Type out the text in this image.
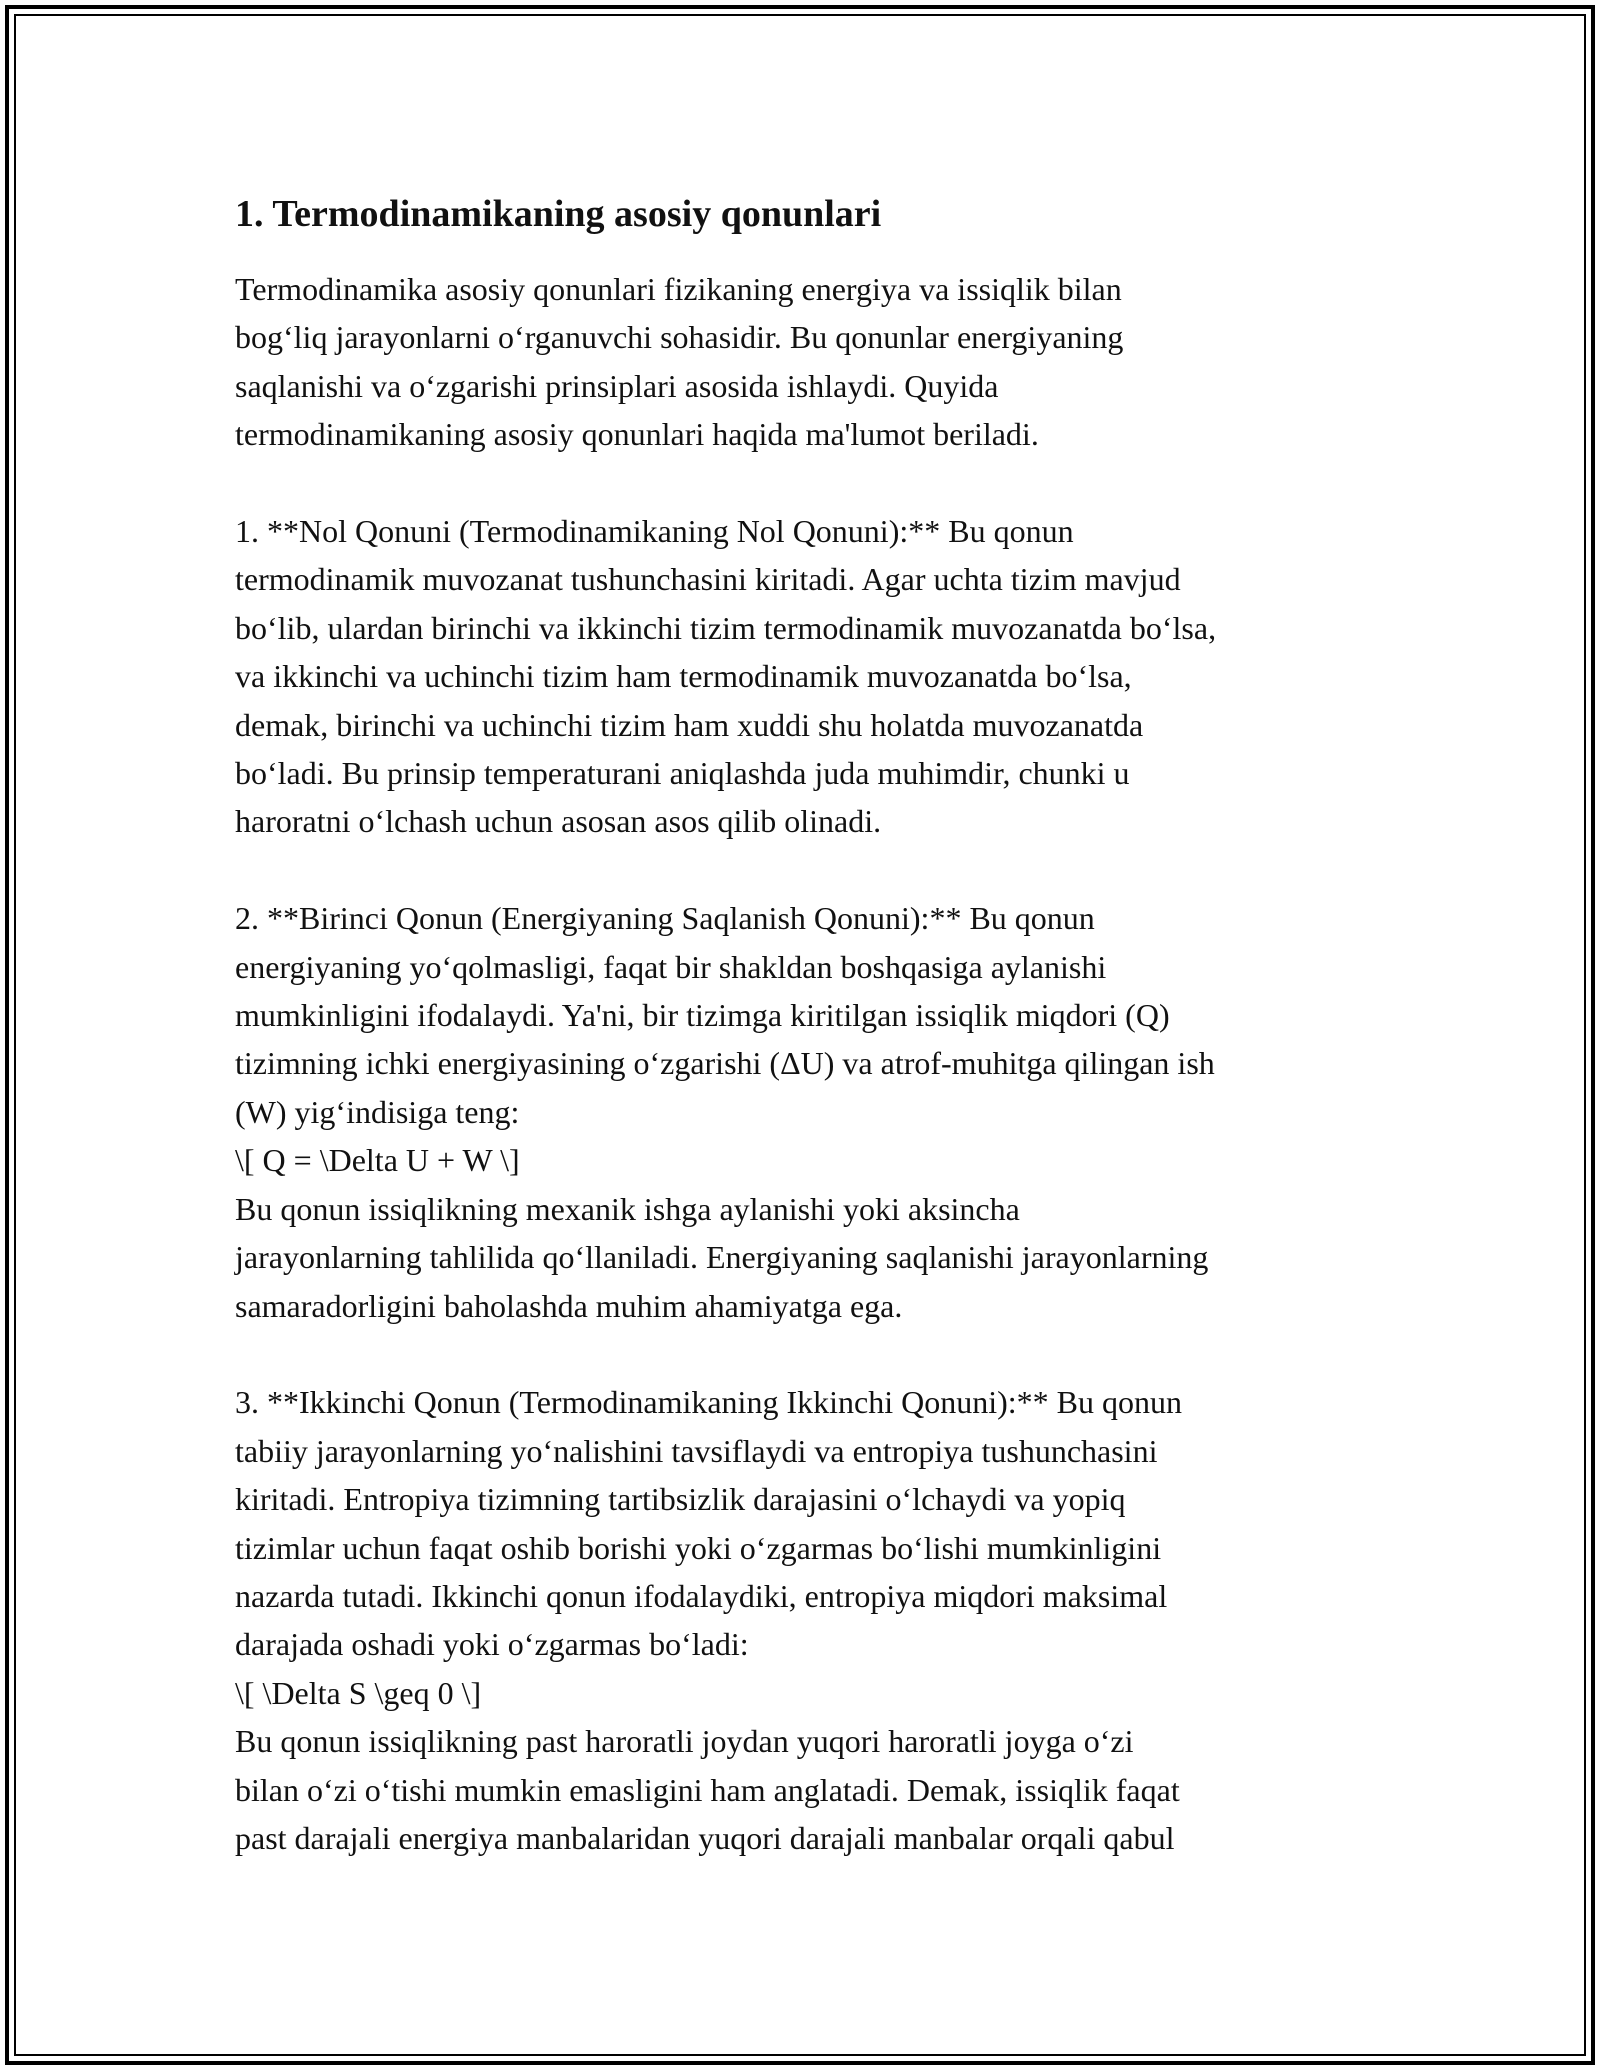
1. Termodinamikaning asosiy qonunlari

Termodinamika asosiy qonunlari fizikaning energiya va issiqlik bilan
bogʻliq jarayonlarni oʻrganuvchi sohasidir. Bu qonunlar energiyaning
saqlanishi va oʻzgarishi prinsiplari asosida ishlaydi. Quyida
termodinamikaning asosiy qonunlari haqida ma'lumot beriladi.

1. **Nol Qonuni (Termodinamikaning Nol Qonuni):** Bu qonun
termodinamik muvozanat tushunchasini kiritadi. Agar uchta tizim mavjud
boʻlib, ulardan birinchi va ikkinchi tizim termodinamik muvozanatda boʻlsa,
va ikkinchi va uchinchi tizim ham termodinamik muvozanatda boʻlsa,
demak, birinchi va uchinchi tizim ham xuddi shu holatda muvozanatda
boʻladi. Bu prinsip temperaturani aniqlashda juda muhimdir, chunki u
haroratni oʻlchash uchun asosan asos qilib olinadi.

2. **Birinci Qonun (Energiyaning Saqlanish Qonuni):** Bu qonun
energiyaning yoʻqolmasligi, faqat bir shakldan boshqasiga aylanishi
mumkinligini ifodalaydi. Ya'ni, bir tizimga kiritilgan issiqlik miqdori (Q)
tizimning ichki energiyasining oʻzgarishi (ΔU) va atrof-muhitga qilingan ish
(W) yigʻindisiga teng:
\[ Q = \Delta U + W \]
Bu qonun issiqlikning mexanik ishga aylanishi yoki aksincha
jarayonlarning tahlilida qoʻllaniladi. Energiyaning saqlanishi jarayonlarning
samaradorligini baholashda muhim ahamiyatga ega.

3. **Ikkinchi Qonun (Termodinamikaning Ikkinchi Qonuni):** Bu qonun
tabiiy jarayonlarning yoʻnalishini tavsiflaydi va entropiya tushunchasini
kiritadi. Entropiya tizimning tartibsizlik darajasini oʻlchaydi va yopiq
tizimlar uchun faqat oshib borishi yoki oʻzgarmas boʻlishi mumkinligini
nazarda tutadi. Ikkinchi qonun ifodalaydiki, entropiya miqdori maksimal
darajada oshadi yoki oʻzgarmas boʻladi:
\[ \Delta S \geq 0 \]
Bu qonun issiqlikning past haroratli joydan yuqori haroratli joyga oʻzi
bilan oʻzi oʻtishi mumkin emasligini ham anglatadi. Demak, issiqlik faqat
past darajali energiya manbalaridan yuqori darajali manbalar orqali qabul
